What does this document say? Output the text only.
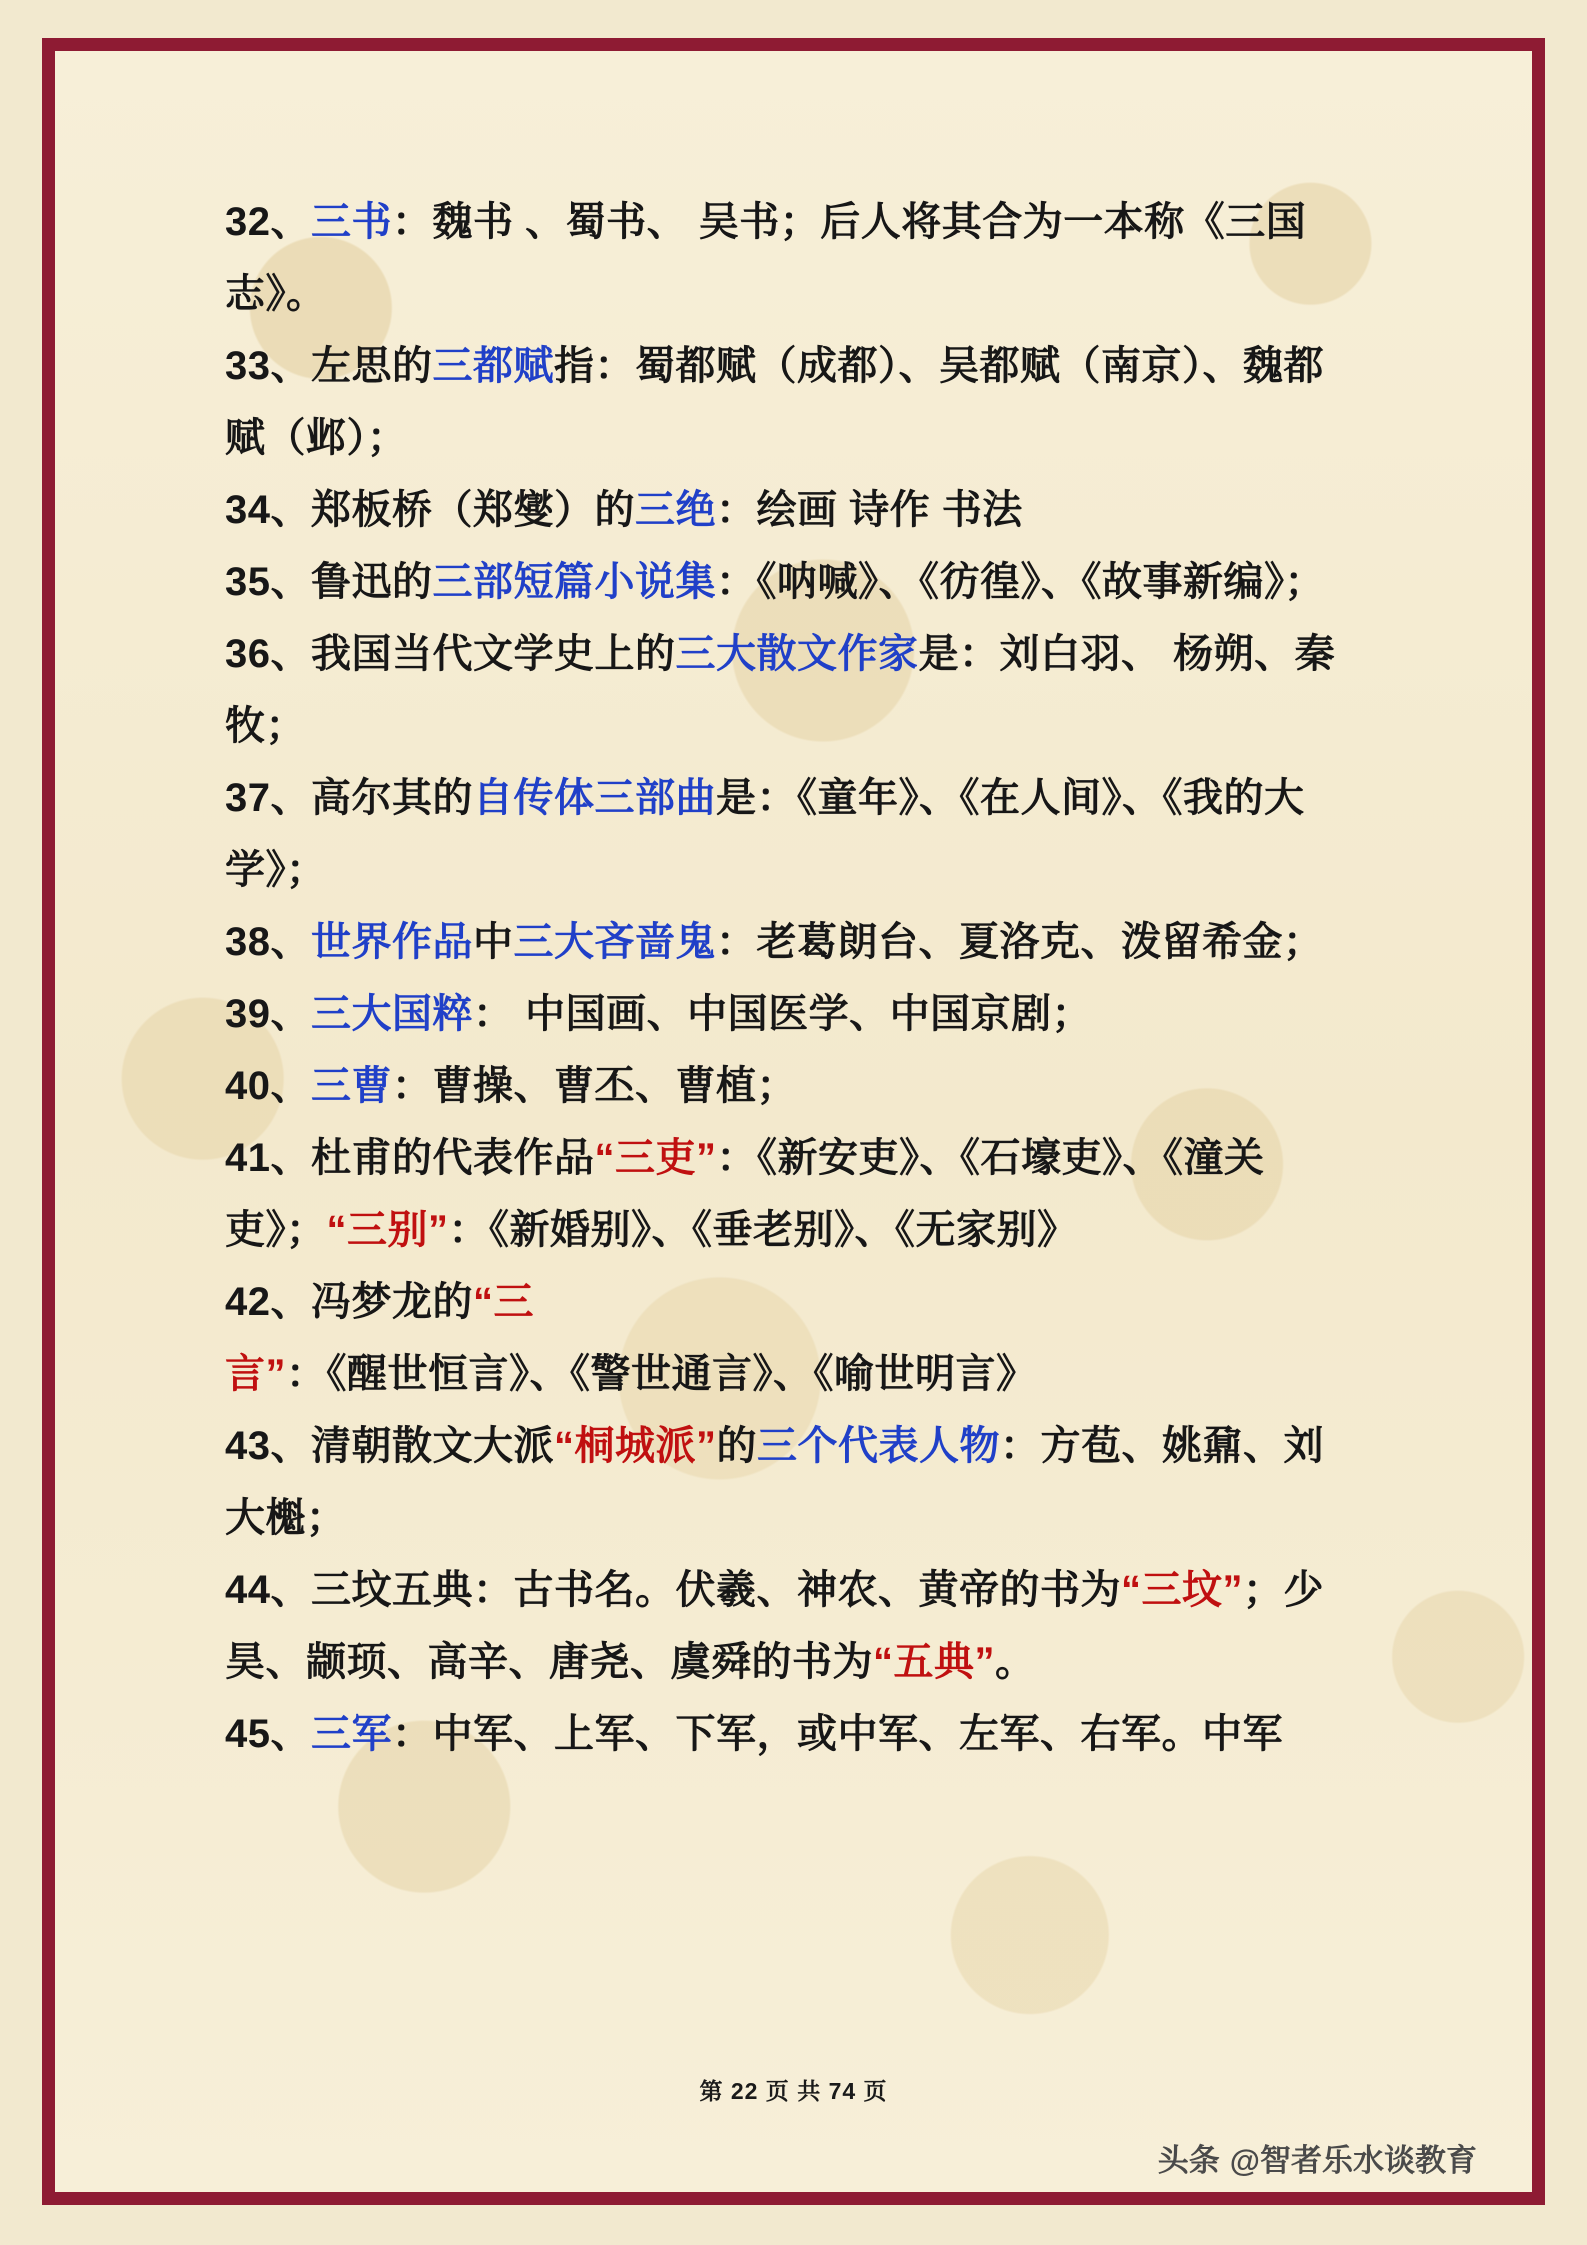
32、三书：魏书 、蜀书、 吴书；后人将其合为一本称《三国志》。
33、左思的三都赋指：蜀都赋（成都）、吴都赋（南京）、魏都赋（邺）；
34、郑板桥（郑燮）的三绝：绘画 诗作 书法
35、鲁迅的三部短篇小说集：《呐喊》、《彷徨》、《故事新编》；
36、我国当代文学史上的三大散文作家是：刘白羽、 杨朔、秦牧；
37、高尔其的自传体三部曲是：《童年》、《在人间》、《我的大学》；
38、世界作品中三大吝啬鬼：老葛朗台、夏洛克、泼留希金；
39、三大国粹： 中国画、中国医学、中国京剧；
40、三曹：曹操、曹丕、曹植；
41、杜甫的代表作品“三吏”：《新安吏》、《石壕吏》、《潼关吏》；“三别”：《新婚别》、《垂老别》、《无家别》
42、冯梦龙的“三言”：《醒世恒言》、《警世通言》、《喻世明言》
43、清朝散文大派“桐城派”的三个代表人物：方苞、姚鼐、刘大櫆；
44、三坟五典：古书名。伏羲、神农、黄帝的书为“三坟”；少昊、颛顼、高辛、唐尧、虞舜的书为“五典”。
45、三军：中军、上军、下军，或中军、左军、右军。中军
第 22 页 共 74 页
头条 @智者乐水谈教育
